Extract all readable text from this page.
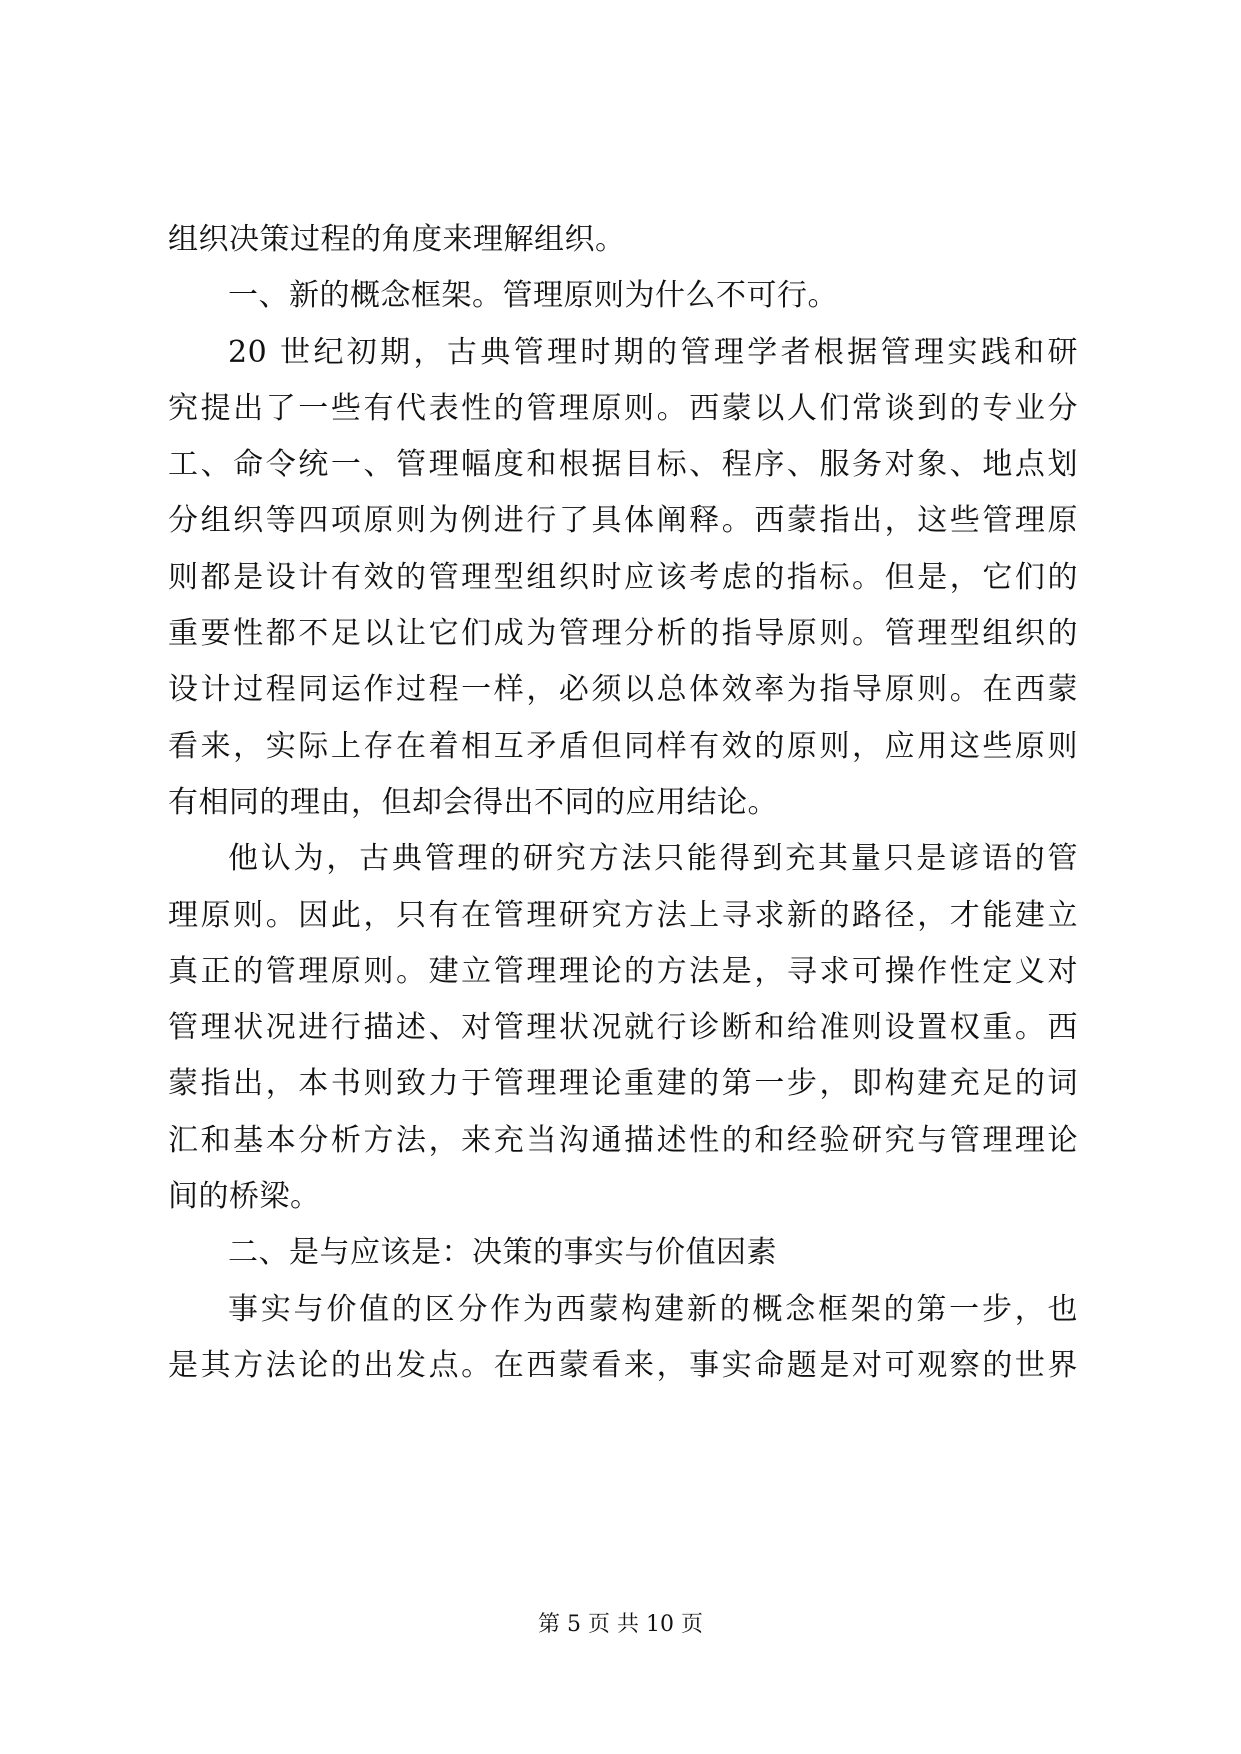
组织决策过程的角度来理解组织。
一、新的概念框架。管理原则为什么不可行。
20 世纪初期，古典管理时期的管理学者根据管理实践和研
究提出了一些有代表性的管理原则。西蒙以人们常谈到的专业分
工、命令统一、管理幅度和根据目标、程序、服务对象、地点划
分组织等四项原则为例进行了具体阐释。西蒙指出，这些管理原
则都是设计有效的管理型组织时应该考虑的指标。但是，它们的
重要性都不足以让它们成为管理分析的指导原则。管理型组织的
设计过程同运作过程一样，必须以总体效率为指导原则。在西蒙
看来，实际上存在着相互矛盾但同样有效的原则，应用这些原则
有相同的理由，但却会得出不同的应用结论。
他认为，古典管理的研究方法只能得到充其量只是谚语的管
理原则。因此，只有在管理研究方法上寻求新的路径，才能建立
真正的管理原则。建立管理理论的方法是，寻求可操作性定义对
管理状况进行描述、对管理状况就行诊断和给准则设置权重。西
蒙指出，本书则致力于管理理论重建的第一步，即构建充足的词
汇和基本分析方法，来充当沟通描述性的和经验研究与管理理论
间的桥梁。
二、是与应该是：决策的事实与价值因素
事实与价值的区分作为西蒙构建新的概念框架的第一步，也
是其方法论的出发点。在西蒙看来，事实命题是对可观察的世界
第 5 页 共 10 页
